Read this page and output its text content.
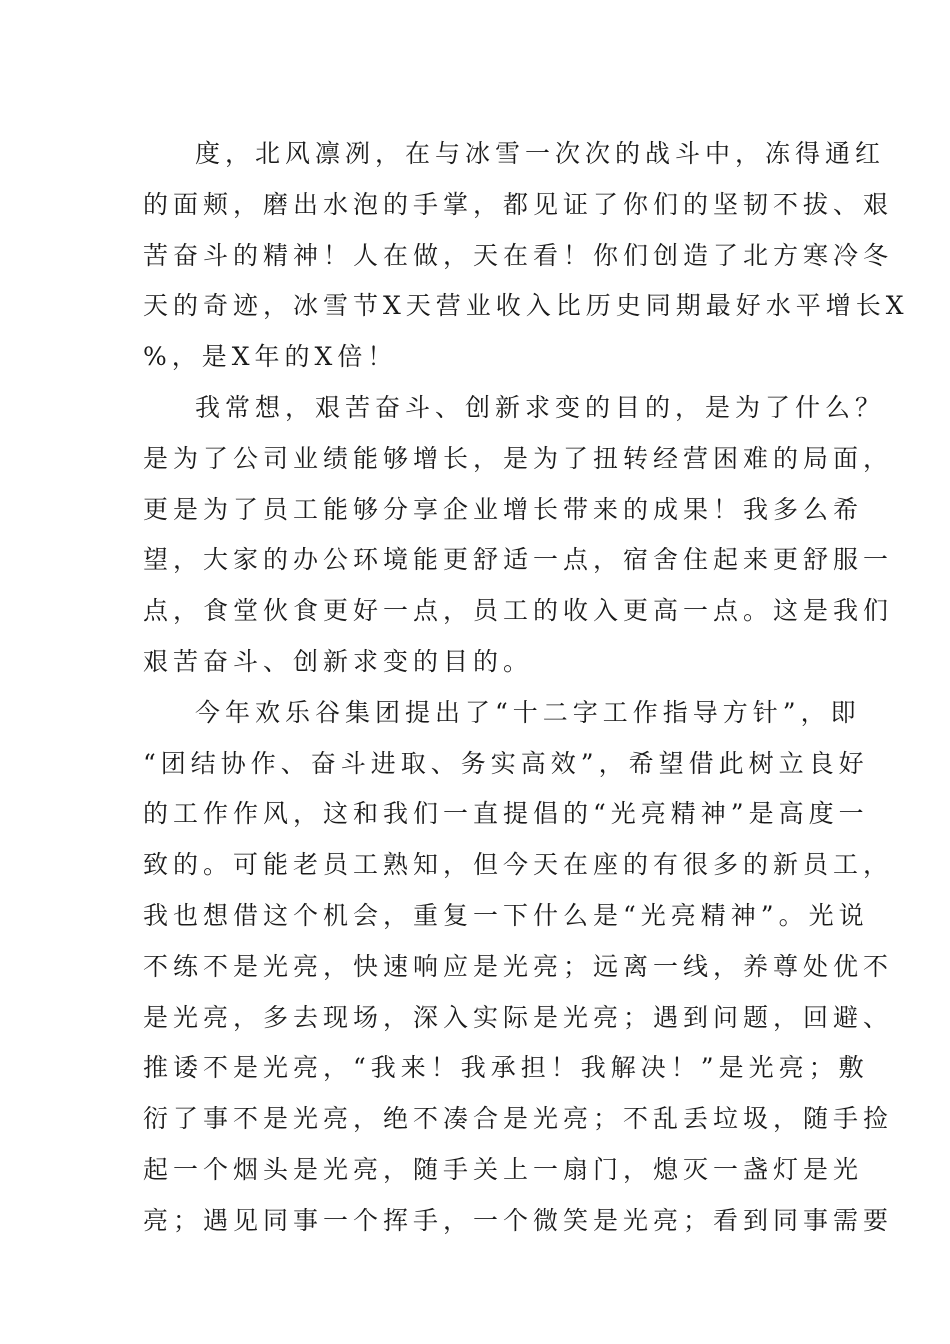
度，北风凛冽，在与冰雪一次次的战斗中，冻得通红
的面颊，磨出水泡的手掌，都见证了你们的坚韧不拔、艰
苦奋斗的精神！人在做，天在看！你们创造了北方寒冷冬
天的奇迹，冰雪节X天营业收入比历史同期最好水平增长X
%，是X年的X倍！
我常想，艰苦奋斗、创新求变的目的，是为了什么？
是为了公司业绩能够增长，是为了扭转经营困难的局面，
更是为了员工能够分享企业增长带来的成果！我多么希
望，大家的办公环境能更舒适一点，宿舍住起来更舒服一
点，食堂伙食更好一点，员工的收入更高一点。这是我们
艰苦奋斗、创新求变的目的。
今年欢乐谷集团提出了“十二字工作指导方针”，即
“团结协作、奋斗进取、务实高效”，希望借此树立良好
的工作作风，这和我们一直提倡的“光亮精神”是高度一
致的。可能老员工熟知，但今天在座的有很多的新员工，
我也想借这个机会，重复一下什么是“光亮精神”。光说
不练不是光亮，快速响应是光亮；远离一线，养尊处优不
是光亮，多去现场，深入实际是光亮；遇到问题，回避、
推诿不是光亮，“我来！我承担！我解决！”是光亮；敷
衍了事不是光亮，绝不凑合是光亮；不乱丢垃圾，随手捡
起一个烟头是光亮，随手关上一扇门，熄灭一盏灯是光
亮；遇见同事一个挥手，一个微笑是光亮；看到同事需要
